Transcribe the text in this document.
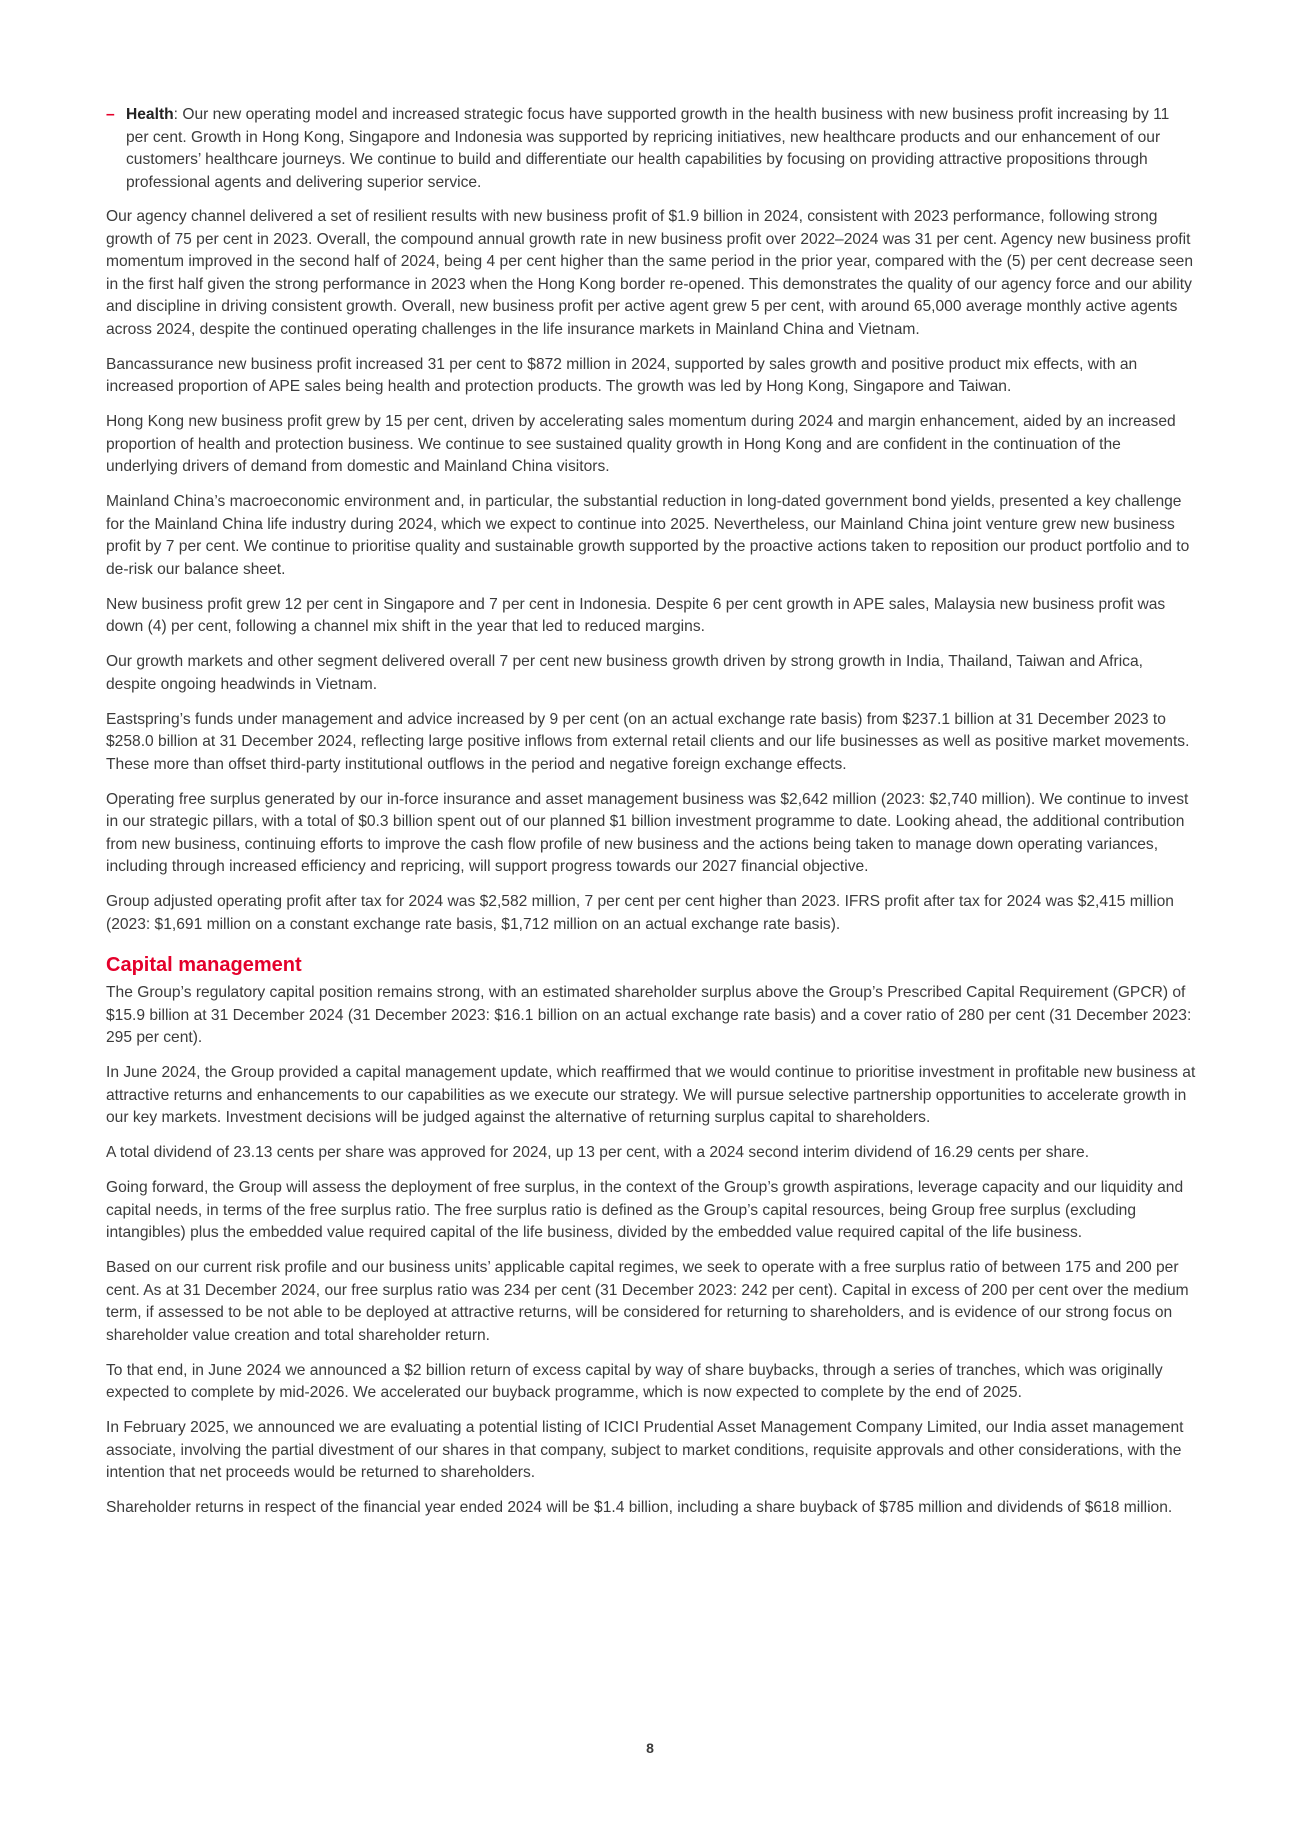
– Health: Our new operating model and increased strategic focus have supported growth in the health business with new business profit increasing by 11 per cent. Growth in Hong Kong, Singapore and Indonesia was supported by repricing initiatives, new healthcare products and our enhancement of our customers’ healthcare journeys. We continue to build and differentiate our health capabilities by focusing on providing attractive propositions through professional agents and delivering superior service.

Our agency channel delivered a set of resilient results with new business profit of $1.9 billion in 2024, consistent with 2023 performance, following strong growth of 75 per cent in 2023. Overall, the compound annual growth rate in new business profit over 2022–2024 was 31 per cent. Agency new business profit momentum improved in the second half of 2024, being 4 per cent higher than the same period in the prior year, compared with the (5) per cent decrease seen in the first half given the strong performance in 2023 when the Hong Kong border re-opened. This demonstrates the quality of our agency force and our ability and discipline in driving consistent growth. Overall, new business profit per active agent grew 5 per cent, with around 65,000 average monthly active agents across 2024, despite the continued operating challenges in the life insurance markets in Mainland China and Vietnam.

Bancassurance new business profit increased 31 per cent to $872 million in 2024, supported by sales growth and positive product mix effects, with an increased proportion of APE sales being health and protection products. The growth was led by Hong Kong, Singapore and Taiwan.

Hong Kong new business profit grew by 15 per cent, driven by accelerating sales momentum during 2024 and margin enhancement, aided by an increased proportion of health and protection business. We continue to see sustained quality growth in Hong Kong and are confident in the continuation of the underlying drivers of demand from domestic and Mainland China visitors.

Mainland China’s macroeconomic environment and, in particular, the substantial reduction in long-dated government bond yields, presented a key challenge for the Mainland China life industry during 2024, which we expect to continue into 2025. Nevertheless, our Mainland China joint venture grew new business profit by 7 per cent. We continue to prioritise quality and sustainable growth supported by the proactive actions taken to reposition our product portfolio and to de-risk our balance sheet.

New business profit grew 12 per cent in Singapore and 7 per cent in Indonesia. Despite 6 per cent growth in APE sales, Malaysia new business profit was down (4) per cent, following a channel mix shift in the year that led to reduced margins.

Our growth markets and other segment delivered overall 7 per cent new business growth driven by strong growth in India, Thailand, Taiwan and Africa, despite ongoing headwinds in Vietnam.

Eastspring’s funds under management and advice increased by 9 per cent (on an actual exchange rate basis) from $237.1 billion at 31 December 2023 to $258.0 billion at 31 December 2024, reflecting large positive inflows from external retail clients and our life businesses as well as positive market movements. These more than offset third-party institutional outflows in the period and negative foreign exchange effects.

Operating free surplus generated by our in-force insurance and asset management business was $2,642 million (2023: $2,740 million). We continue to invest in our strategic pillars, with a total of $0.3 billion spent out of our planned $1 billion investment programme to date. Looking ahead, the additional contribution from new business, continuing efforts to improve the cash flow profile of new business and the actions being taken to manage down operating variances, including through increased efficiency and repricing, will support progress towards our 2027 financial objective.

Group adjusted operating profit after tax for 2024 was $2,582 million, 7 per cent per cent higher than 2023. IFRS profit after tax for 2024 was $2,415 million (2023: $1,691 million on a constant exchange rate basis, $1,712 million on an actual exchange rate basis).

Capital management

The Group’s regulatory capital position remains strong, with an estimated shareholder surplus above the Group’s Prescribed Capital Requirement (GPCR) of $15.9 billion at 31 December 2024 (31 December 2023: $16.1 billion on an actual exchange rate basis) and a cover ratio of 280 per cent (31 December 2023: 295 per cent).

In June 2024, the Group provided a capital management update, which reaffirmed that we would continue to prioritise investment in profitable new business at attractive returns and enhancements to our capabilities as we execute our strategy. We will pursue selective partnership opportunities to accelerate growth in our key markets. Investment decisions will be judged against the alternative of returning surplus capital to shareholders.

A total dividend of 23.13 cents per share was approved for 2024, up 13 per cent, with a 2024 second interim dividend of 16.29 cents per share.

Going forward, the Group will assess the deployment of free surplus, in the context of the Group’s growth aspirations, leverage capacity and our liquidity and capital needs, in terms of the free surplus ratio. The free surplus ratio is defined as the Group’s capital resources, being Group free surplus (excluding intangibles) plus the embedded value required capital of the life business, divided by the embedded value required capital of the life business.

Based on our current risk profile and our business units’ applicable capital regimes, we seek to operate with a free surplus ratio of between 175 and 200 per cent. As at 31 December 2024, our free surplus ratio was 234 per cent (31 December 2023: 242 per cent). Capital in excess of 200 per cent over the medium term, if assessed to be not able to be deployed at attractive returns, will be considered for returning to shareholders, and is evidence of our strong focus on shareholder value creation and total shareholder return.

To that end, in June 2024 we announced a $2 billion return of excess capital by way of share buybacks, through a series of tranches, which was originally expected to complete by mid-2026. We accelerated our buyback programme, which is now expected to complete by the end of 2025.

In February 2025, we announced we are evaluating a potential listing of ICICI Prudential Asset Management Company Limited, our India asset management associate, involving the partial divestment of our shares in that company, subject to market conditions, requisite approvals and other considerations, with the intention that net proceeds would be returned to shareholders.

Shareholder returns in respect of the financial year ended 2024 will be $1.4 billion, including a share buyback of $785 million and dividends of $618 million.

8
